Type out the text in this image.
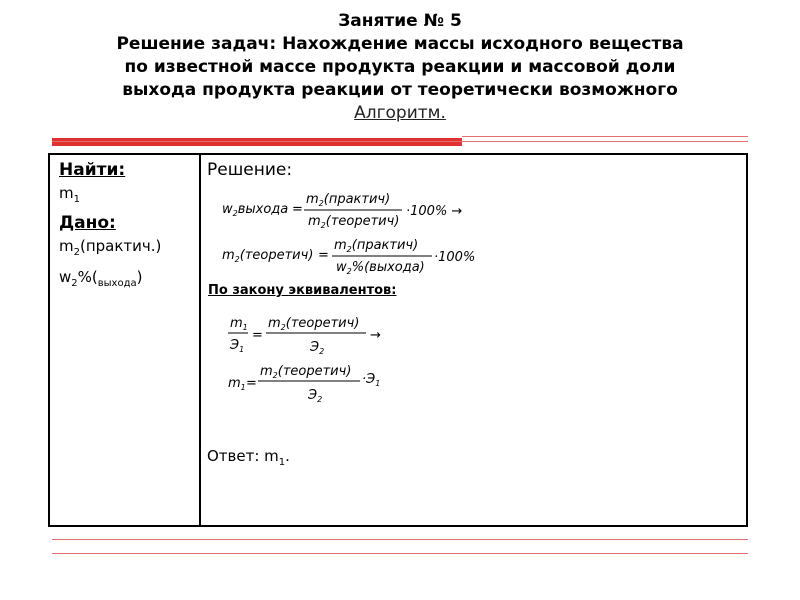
Занятие № 5
Решение задач: Нахождение массы исходного вещества
по известной массе продукта реакции и массовой доли
выхода продукта реакции от теоретически возможного
Алгоритм.
Найти:
$m_1$
Дано:
$m_2(практич.)$
$w_2\%(_{выхода})$
Решение:
$w_2выхода$ =
$m_2(практич)$
$m_2(теоретич)$
·100% →
$m_2(теоретич)$ =
$m_2(практич)$
$w_2\%(выхода)$
·100%
По закону эквивалентов:
$m_1$
$Э_1$
=
$m_2(теоретич)$
$Э_2$
→
$m_1$ =
$m_2(теоретич)$
$Э_2$
$\cdot Э_1$
Ответ: $m_1$.
